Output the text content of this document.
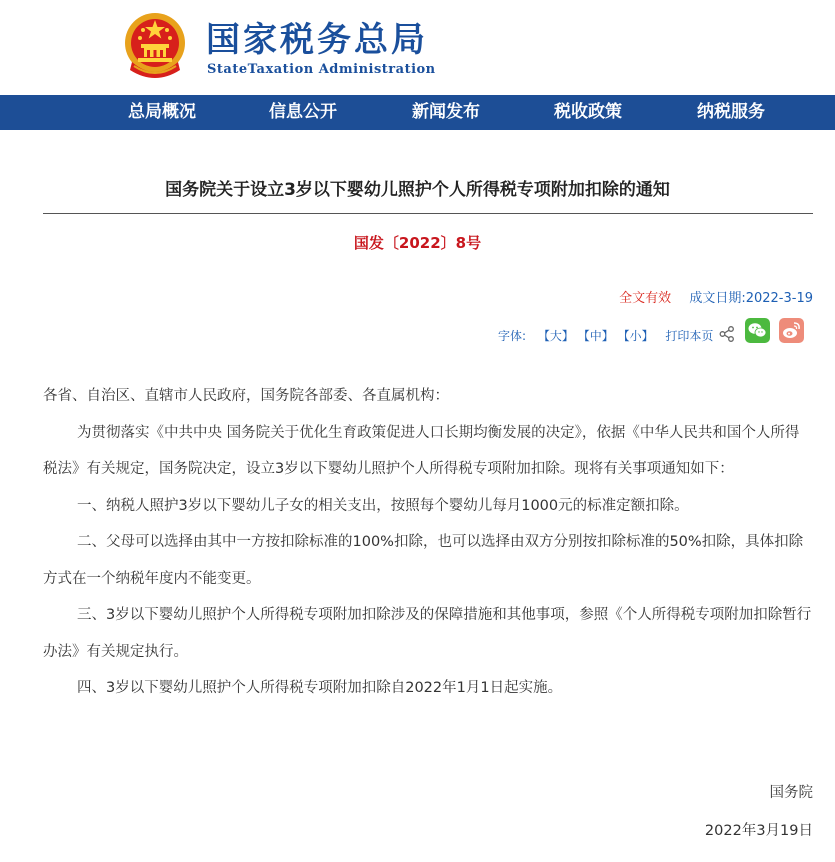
国家税务总局
StateTaxation Administration
总局概况	信息公开	新闻发布	税收政策	纳税服务
国务院关于设立3岁以下婴幼儿照护个人所得税专项附加扣除的通知
国发〔2022〕8号
全文有效 成文日期:2022-3-19
字体: 【大】 【中】 【小】 打印本页

各省、自治区、直辖市人民政府，国务院各部委、各直属机构：

为贯彻落实《中共中央 国务院关于优化生育政策促进人口长期均衡发展的决定》，依据《中华人民共和国个人所得税法》有关规定，国务院决定，设立3岁以下婴幼儿照护个人所得税专项附加扣除。现将有关事项通知如下：

一、纳税人照护3岁以下婴幼儿子女的相关支出，按照每个婴幼儿每月1000元的标准定额扣除。

二、父母可以选择由其中一方按扣除标准的100%扣除，也可以选择由双方分别按扣除标准的50%扣除，具体扣除方式在一个纳税年度内不能变更。

三、3岁以下婴幼儿照护个人所得税专项附加扣除涉及的保障措施和其他事项，参照《个人所得税专项附加扣除暂行办法》有关规定执行。

四、3岁以下婴幼儿照护个人所得税专项附加扣除自2022年1月1日起实施。

国务院
2022年3月19日
